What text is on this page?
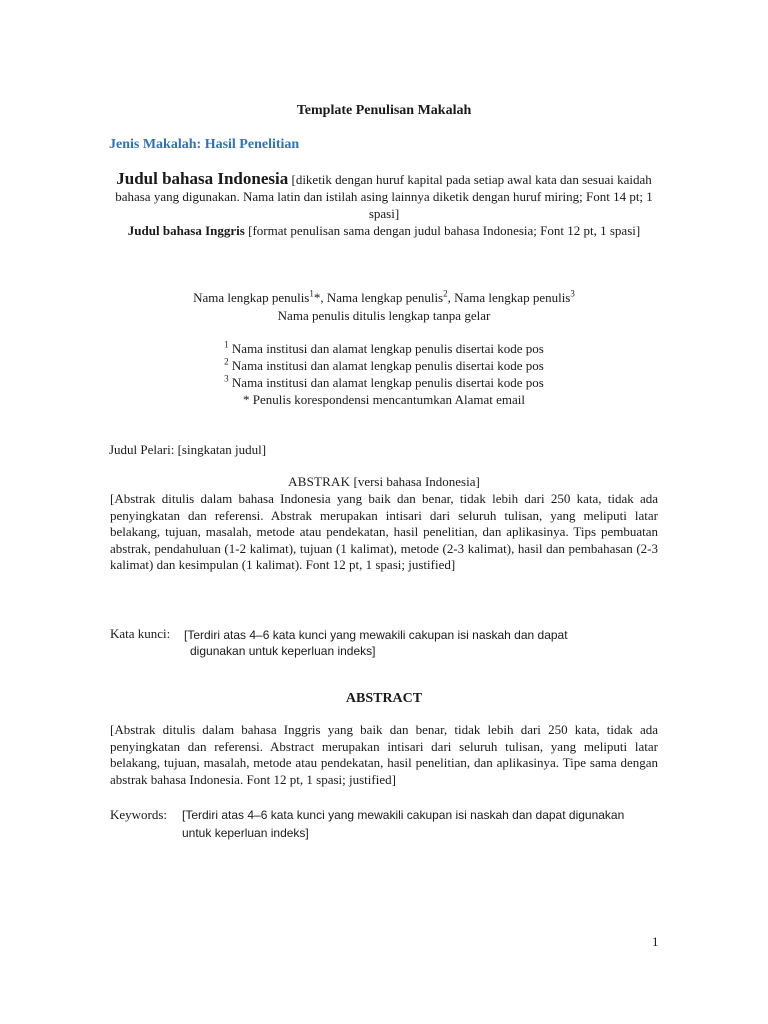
Template Penulisan Makalah

Jenis Makalah: Hasil Penelitian

Judul bahasa Indonesia [diketik dengan huruf kapital pada setiap awal kata dan sesuai kaidah bahasa yang digunakan. Nama latin dan istilah asing lainnya diketik dengan huruf miring; Font 14 pt; 1 spasi]

Judul bahasa Inggris [format penulisan sama dengan judul bahasa Indonesia; Font 12 pt, 1 spasi]

Nama lengkap penulis$^1$*, Nama lengkap penulis$^2$, Nama lengkap penulis$^3$

Nama penulis ditulis lengkap tanpa gelar

$^1$ Nama institusi dan alamat lengkap penulis disertai kode pos

$^2$ Nama institusi dan alamat lengkap penulis disertai kode pos

$^3$ Nama institusi dan alamat lengkap penulis disertai kode pos

* Penulis korespondensi mencantumkan Alamat email

Judul Pelari: [singkatan judul]

ABSTRAK [versi bahasa Indonesia]

[Abstrak ditulis dalam bahasa Indonesia yang baik dan benar, tidak lebih dari 250 kata, tidak ada penyingkatan dan referensi. Abstrak merupakan intisari dari seluruh tulisan, yang meliputi latar belakang, tujuan, masalah, metode atau pendekatan, hasil penelitian, dan aplikasinya. Tips pembuatan abstrak, pendahuluan (1-2 kalimat), tujuan (1 kalimat), metode (2-3 kalimat), hasil dan pembahasan (2-3 kalimat) dan kesimpulan (1 kalimat). Font 12 pt, 1 spasi; justified]

Kata kunci: [Terdiri atas 4–6 kata kunci yang mewakili cakupan isi naskah dan dapat
digunakan untuk keperluan indeks]

ABSTRACT

[Abstrak ditulis dalam bahasa Inggris yang baik dan benar, tidak lebih dari 250 kata, tidak ada penyingkatan dan referensi. Abstract merupakan intisari dari seluruh tulisan, yang meliputi latar belakang, tujuan, masalah, metode atau pendekatan, hasil penelitian, dan aplikasinya. Tipe sama dengan abstrak bahasa Indonesia. Font 12 pt, 1 spasi; justified]

Keywords: [Terdiri atas 4–6 kata kunci yang mewakili cakupan isi naskah dan dapat digunakan
untuk keperluan indeks]

1
